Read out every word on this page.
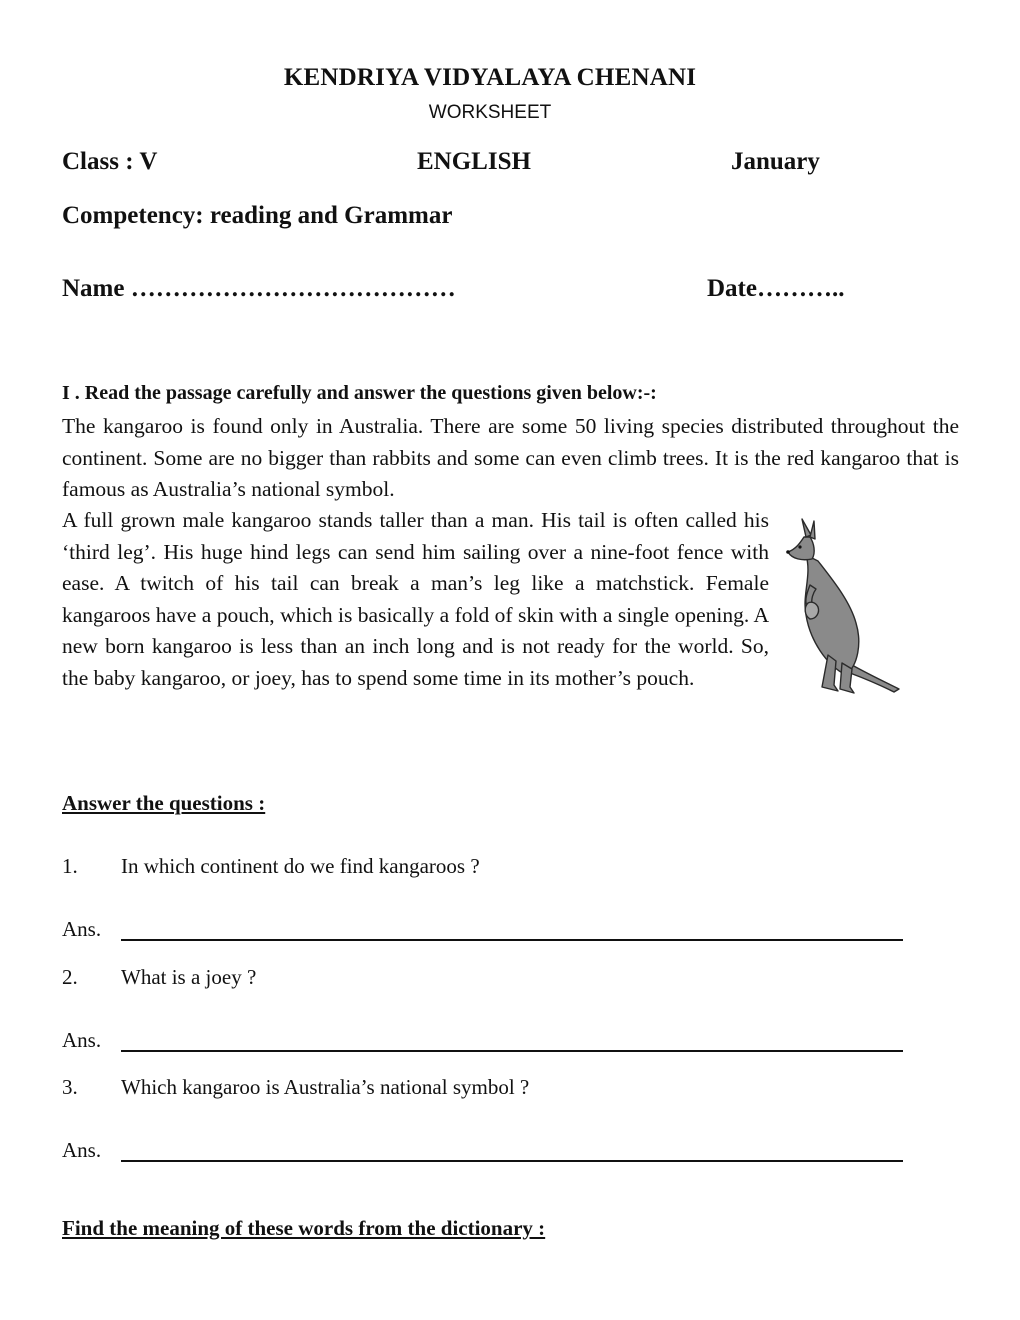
KENDRIYA VIDYALAYA CHENANI
WORKSHEET
Class : V	ENGLISH	January
Competency: reading and Grammar
Name …………………………………	Date………..
I . Read the passage carefully and answer the questions given below:-:

The kangaroo is found only in Australia. There are some 50 living species distributed throughout the continent. Some are no bigger than rabbits and some can even climb trees. It is the red kangaroo that is famous as Australia’s national symbol.

A full grown male kangaroo stands taller than a man. His tail is often called his ‘third leg’. His huge hind legs can send him sailing over a nine-foot fence with ease. A twitch of his tail can break a man’s leg like a matchstick. Female kangaroos have a pouch, which is basically a fold of skin with a single opening. A new born kangaroo is less than an inch long and is not ready for the world. So, the baby kangaroo, or joey, has to spend some time in its mother’s pouch.

Answer the questions :
1. In which continent do we find kangaroos ?
Ans.
2. What is a joey ?
Ans.
3. Which kangaroo is Australia’s national symbol ?
Ans.
Find the meaning of these words from the dictionary :
